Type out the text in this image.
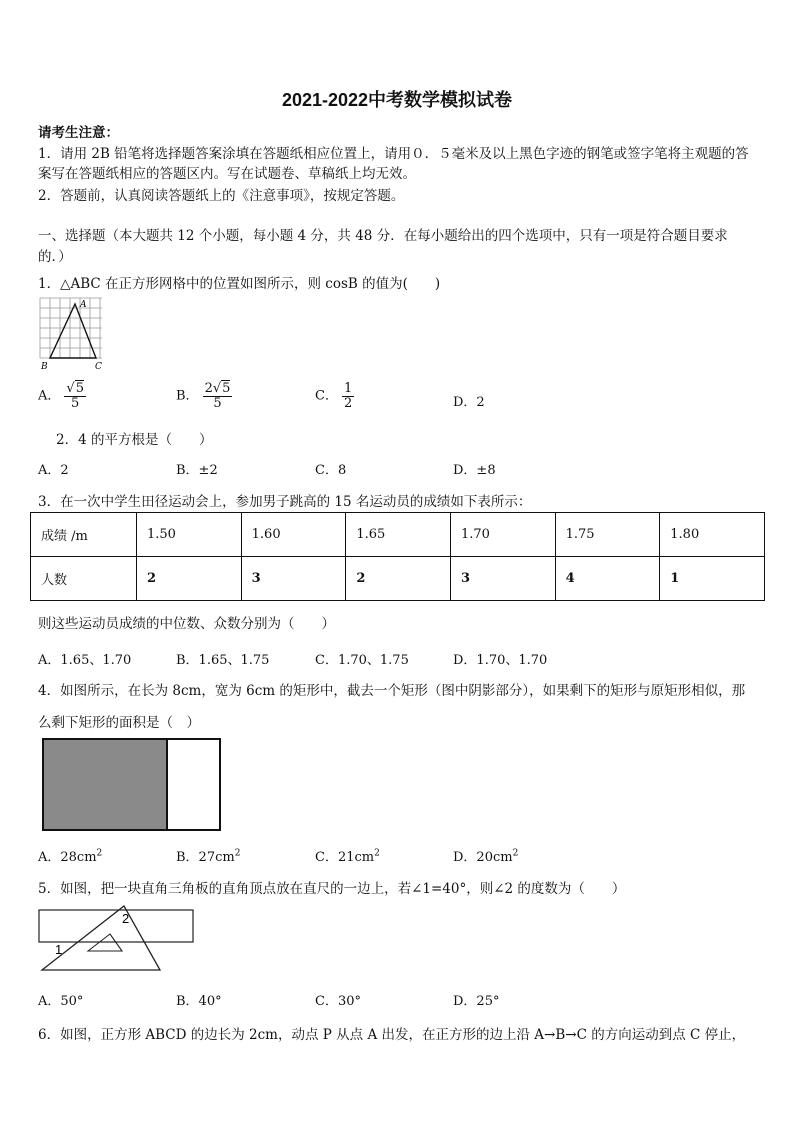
2021-2022中考数学模拟试卷
请考生注意：
1．请用 2B 铅笔将选择题答案涂填在答题纸相应位置上，请用０．５毫米及以上黑色字迹的钢笔或签字笔将主观题的答
案写在答题纸相应的答题区内。写在试题卷、草稿纸上均无效。
2．答题前，认真阅读答题纸上的《注意事项》，按规定答题。
一、选择题（本大题共 12 个小题，每小题 4 分，共 48 分．在每小题给出的四个选项中，只有一项是符合题目要求
的．）
1．△ABC 在正方形网格中的位置如图所示，则 cosB 的值为(　　)
A
B	C
A． $\frac{√5}{5}$	B． $\frac{2√5}{5}$	C． $\frac{1}{2}$	D．2
2．4 的平方根是（　　）
A．2	B．±2	C．8	D．±8
3．在一次中学生田径运动会上，参加男子跳高的 15 名运动员的成绩如下表所示：
成绩 /m	1.50	1.60	1.65	1.70	1.75	1.80
人数	2	3	2	3	4	1
则这些运动员成绩的中位数、众数分别为（　　）
A．1.65、1.70	B．1.65、1.75	C．1.70、1.75	D．1.70、1.70
4．如图所示，在长为 8cm，宽为 6cm 的矩形中，截去一个矩形（图中阴影部分），如果剩下的矩形与原矩形相似，那
么剩下矩形的面积是（　）
A．$28cm^2$	B．$27cm^2$	C．$21cm^2$	D．$20cm^2$
5．如图，把一块直角三角板的直角顶点放在直尺的一边上，若∠1=40°，则∠2 的度数为（　　）
2
1
A．50°	B．40°	C．30°	D．25°
6．如图，正方形 ABCD 的边长为 2cm，动点 P 从点 A 出发，在正方形的边上沿 A→B→C 的方向运动到点 C 停止，
